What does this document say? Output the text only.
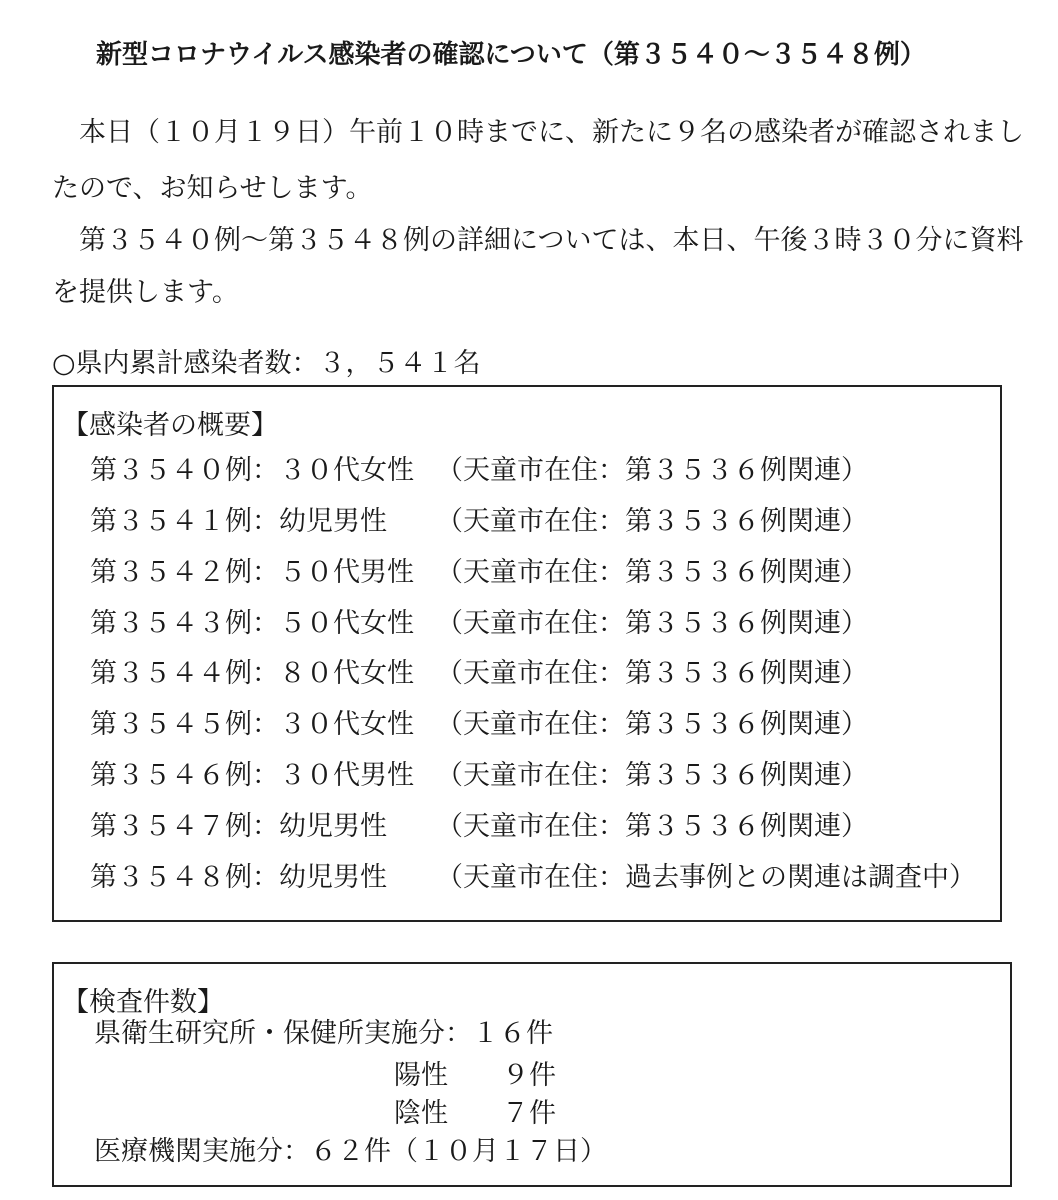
新型コロナウイルス感染者の確認について（第３５４０～３５４８例）
本日（１０月１９日）午前１０時までに、新たに９名の感染者が確認されまし
たので、お知らせします。
第３５４０例～第３５４８例の詳細については、本日、午後３時３０分に資料
を提供します。
○県内累計感染者数：３，５４１名
【感染者の概要】
第３５４０例：３０代女性 （天童市在住：第３５３６例関連）
第３５４１例：幼児男性 （天童市在住：第３５３６例関連）
第３５４２例：５０代男性 （天童市在住：第３５３６例関連）
第３５４３例：５０代女性 （天童市在住：第３５３６例関連）
第３５４４例：８０代女性 （天童市在住：第３５３６例関連）
第３５４５例：３０代女性 （天童市在住：第３５３６例関連）
第３５４６例：３０代男性 （天童市在住：第３５３６例関連）
第３５４７例：幼児男性 （天童市在住：第３５３６例関連）
第３５４８例：幼児男性 （天童市在住：過去事例との関連は調査中）
【検査件数】
県衛生研究所・保健所実施分：１６件
陽性　　９件
陰性　　７件
医療機関実施分：６２件（１０月１７日）
